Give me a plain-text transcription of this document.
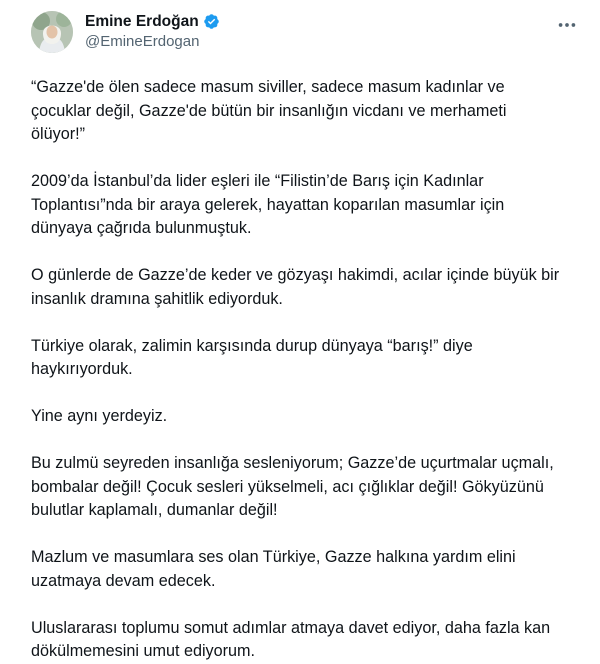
Emine Erdoğan
@EmineErdogan

“Gazze'de ölen sadece masum siviller, sadece masum kadınlar ve
çocuklar değil, Gazze'de bütün bir insanlığın vicdanı ve merhameti
ölüyor!”

2009’da İstanbul’da lider eşleri ile “Filistin’de Barış için Kadınlar
Toplantısı”nda bir araya gelerek, hayattan koparılan masumlar için
dünyaya çağrıda bulunmuştuk.

O günlerde de Gazze’de keder ve gözyaşı hakimdi, acılar içinde büyük bir
insanlık dramına şahitlik ediyorduk.

Türkiye olarak, zalimin karşısında durup dünyaya “barış!” diye
haykırıyorduk.

Yine aynı yerdeyiz.

Bu zulmü seyreden insanlığa sesleniyorum; Gazze’de uçurtmalar uçmalı,
bombalar değil! Çocuk sesleri yükselmeli, acı çığlıklar değil! Gökyüzünü
bulutlar kaplamalı, dumanlar değil!

Mazlum ve masumlara ses olan Türkiye, Gazze halkına yardım elini
uzatmaya devam edecek.

Uluslararası toplumu somut adımlar atmaya davet ediyor, daha fazla kan
dökülmemesini umut ediyorum.
